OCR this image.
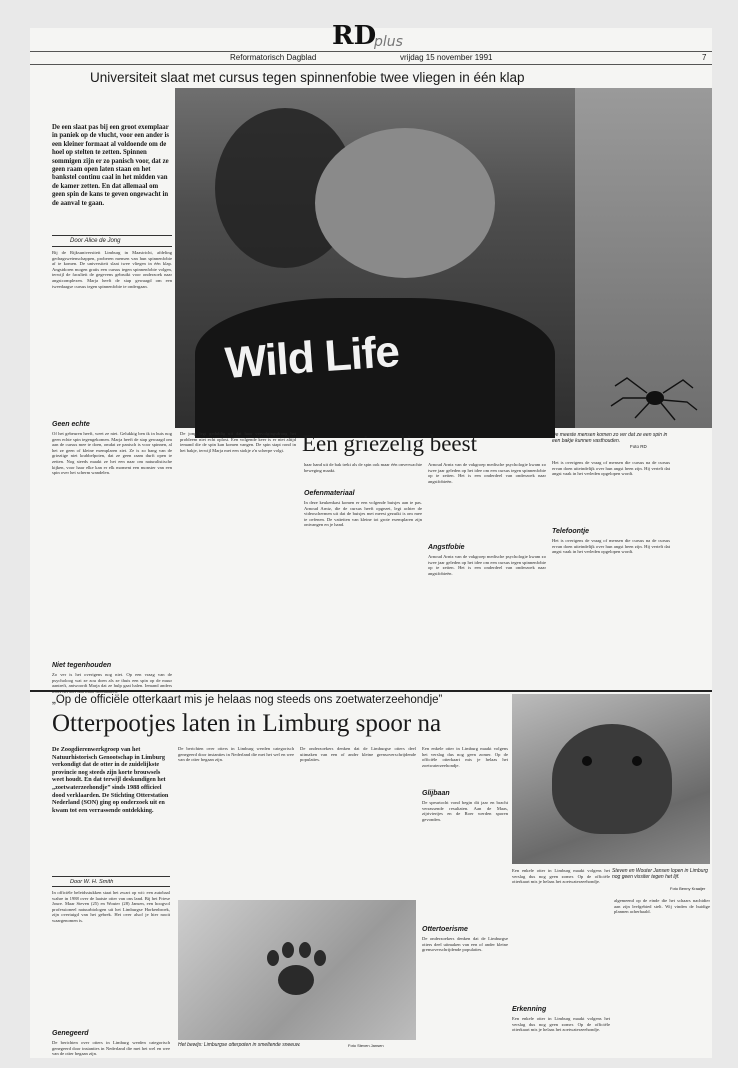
RD
plus
Reformatorisch Dagblad	vrijdag 15 november 1991	7
Universiteit slaat met cursus tegen spinnenfobie twee vliegen in één klap
Wild Life
De een slaat pas bij een groot exemplaar in paniek op de vlucht, voor een ander is een kleiner formaat al voldoende om de hoel op stelten te zetten. Spinnen sommigen zijn er zo panisch voor, dat ze geen raam open laten staan en het bankstel continu caal in het midden van de kamer zetten. En dat allemaal om geen spin de kans te geven ongewacht in de aanval te gaan.
Door Alice de Jong
Bij de Rijksuniversiteit Limburg in Maastricht, afdeling gedragswetenschappen, proberen mensen van hun spinnenfobie af te komen. De universiteit slaat twee vliegen in één klap. Angstdoren mogen gratis een cursus tegen spinnenfobie volgen, terwijl de faculteit de gegevens gebruikt voor onderzoek naar angstcomplexen. Marja heeft de stap gewaagd om een tweedaagse cursus tegen spinnenfobie te ondergaan.
Geen echte
Of het gebeuren heeft, weet ze niet. Gelukkig ben ik in huis nog geen echte spin tegengekomen. Marja heeft de stap gewaagd om aan de cursus mee te doen, omdat ze panisch is voor spinnen, al het ze geen of kleine exemplaren ziet. Ze is zo bang van de grieziige niet krabbelpoten, dat ze geen raam durft open te zetten. Nog steeds maakt ze het een naar om naturalistische kijken, voor haar elke kan er elk moment een monster van een spin over het scherm wandelen.
Niet tegenhouden
Zo ver is het overigens nog niet. Op een vraag van de psycholoog wat ze zou doen als ze thuis een spin op de muur aantreft, antwoordt Marja dat ze hulp gaat halen. Iemand anders
De jong legt geduldig uit dat haar vervolgingsdrang het probleem niet echt oplost. Een volgende keer is er niet altijd iemand die de spin kan komen vangen. De spin stapt rond in het bakje, terwijl Marja met een stokje z'n scherpe volgt. Een griezelig beest
haar hand uit de bak trekt als de spin ook maar één onverwachte beweging maakt.
Oefenmateriaal
In deze keukenkast komen er een volgende buisjes aan te pas. Arnoud Arntz, die de cursus heeft opgezet, legt achter de videoschermen uit dat de buisjes met meest gezuikt is om mee te oefenen. De vatteiten van kleine tot grote exemplaren zijn ontvangen en je hand.
Arnoud Arntz van de vakgroep medische psychologie kwam zo twee jaar geleden op het idee om een cursus tegen spinnenfobie op te zetten. Het is een onderdeel van onderzoek naar angstfobieën.
Angstfobie
Arnoud Arntz van de vakgroep medische psychologie kwam zo twee jaar geleden op het idee om een cursus tegen spinnenfobie op te zetten. Het is een onderdeel van onderzoek naar angstfobieën.
De meeste mensen komen zo ver dat ze een spin in een bakje kunnen vasthouden.
Foto RD
Het is overigens de vraag of mensen die cursus na de cursus ervan doen uiteindelijk over hun angst heen zijn. Hij vertelt dat angst vaak in het verleden opgelopen wordt.
Telefoontje
Het is overigens de vraag of mensen die cursus na de cursus ervan doen uiteindelijk over hun angst heen zijn. Hij vertelt dat angst vaak in het verleden opgelopen wordt.
„Op de officiële otterkaart mis je helaas nog steeds ons zoetwaterzeehondje”
Otterpootjes laten in Limburg spoor na
De Zoogdierenwerkgroep van het Natuurhistorisch Genootschap in Limburg verkondigt dat de otter in de zuidelijkste provincie nog steeds zijn korte brouwsels weet houdt. En dat terwijl deskundigen het „zoetwaterzeehondje” sinds 1988 officieel dood verklaarden. De Stichting Otterstation Nederland (SON) ging op onderzoek uit en kwam tot een verrassende ontdekking.
Door W. H. Smith
In officiële beleidsstukken staat het zwart op wit: een autobaal wahre in 1988 over de laatste otter van ons land. Bij het Friese Joure. Maar Steven (25) en Wouter (28) Jansen, een hoogvol professioneel natuurbiologen uit het Limburgse Horkenbroek, zijn overtuigd van het gebrek. Het over alsof je hier nooit waargenomen is.
Genegeerd
De berichten over otters in Limburg werden categorisch genegeerd door instanties in Nederland die met het wel en wee van de otter begaan zijn.
De berichten over otters in Limburg werden categorisch genegeerd door instanties in Nederland die met het wel en wee van de otter begaan zijn.
De onderzoekers denken dat de Limburgse otters deel uitmaken van een of ander kleine grensoverschrijdende populaties.
Een enkele otter in Limburg maakt volgens het verslag dus nog geen zomer. Op de officiële otterkaart mis je helaas het zoetwaterzeehondje.
Glijbaan
De speurtocht vond begin dit jaar en bracht verrassende resultaten. Aan de Maas, zijriviertjes en de Roer werden sporen gevonden.
Ottertoerisme
De onderzoekers denken dat de Limburgse otters deel uitmaken van een of ander kleine grensoverschrijdende populaties.
Het bewijs: Limburgse otterpoten in smeltende sneeuw.	Foto Steven Jansen
Een enkele otter in Limburg maakt volgens het verslag dus nog geen zomer. Op de officiële otterkaart mis je helaas het zoetwaterzeehondje.
Steven en Wouter Jansen lopen in Limburg nog geen vissiter tegen het lijf.
Foto Benny Kraaijer
Erkenning
Een enkele otter in Limburg maakt volgens het verslag dus nog geen zomer. Op de officiële otterkaart mis je helaas het zoetwaterzeehondje.
algemeend op de einde die het schaars nachtdier aan zijn leefgebied stelt. Wij vinden de huidige plannen acherhaald.
